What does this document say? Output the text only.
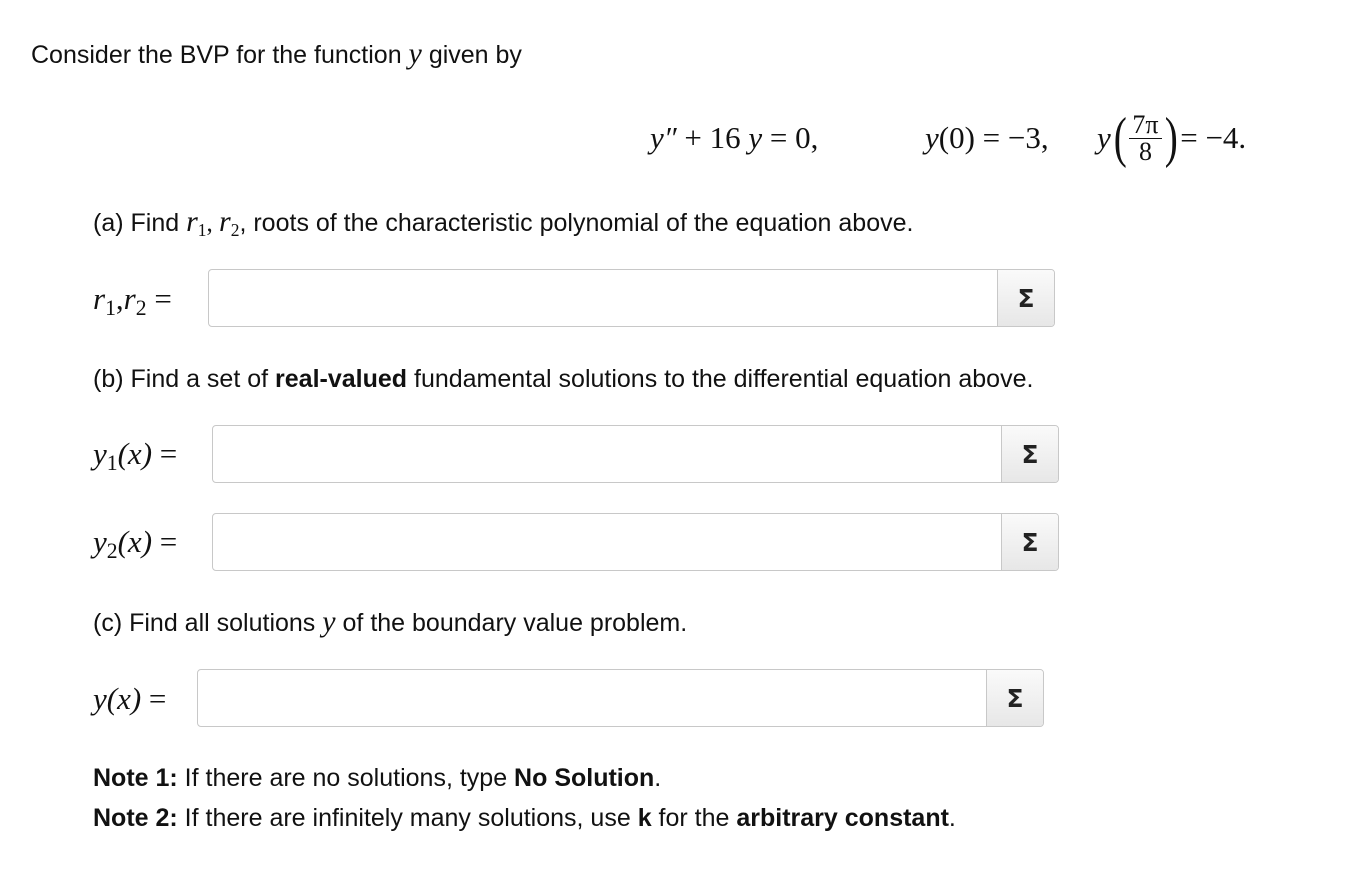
Consider the BVP for the function y given by
y″ + 16 y = 0,	y(0) = −3, y ( $\frac{7\pi}{8}$ ) = −4.
(a) Find $r_1$, $r_2$, roots of the characteristic polynomial of the equation above.
$r_1,r_2$ =	Σ
(b) Find a set of real-valued fundamental solutions to the differential equation above.
$y_1(x)$ =	Σ
$y_2(x)$ =	Σ
(c) Find all solutions y of the boundary value problem.
y(x) =	Σ
Note 1: If there are no solutions, type No Solution.
Note 2: If there are infinitely many solutions, use k for the arbitrary constant.
